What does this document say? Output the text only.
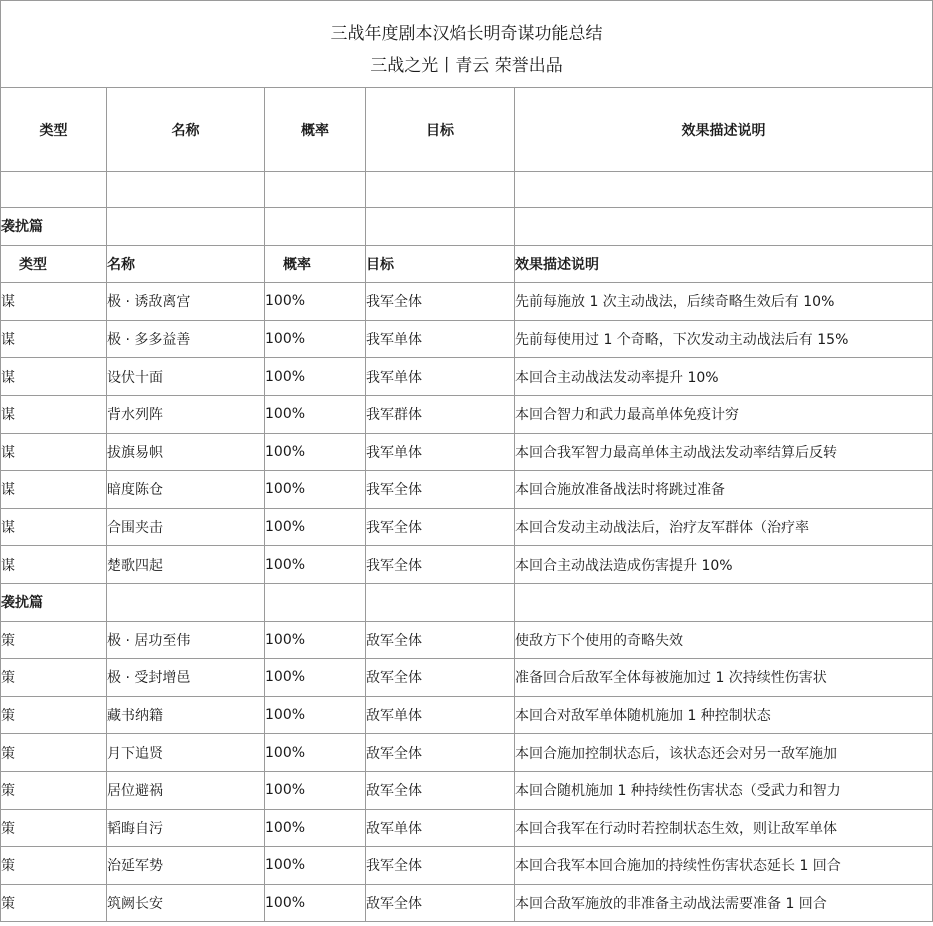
三战年度剧本汉焰长明奇谋功能总结
三战之光丨青云 荣誉出品
类型	名称	概率	目标	效果描述说明

袭扰篇				
类型	名称	概率	目标	效果描述说明
谋	极 · 诱敌离宫	100%	我军全体	先前每施放 1 次主动战法，后续奇略生效后有 10%
谋	极 · 多多益善	100%	我军单体	先前每使用过 1 个奇略，下次发动主动战法后有 15%
谋	设伏十面	100%	我军单体	本回合主动战法发动率提升 10%
谋	背水列阵	100%	我军群体	本回合智力和武力最高单体免疫计穷
谋	拔旗易帜	100%	我军单体	本回合我军智力最高单体主动战法发动率结算后反转
谋	暗度陈仓	100%	我军全体	本回合施放准备战法时将跳过准备
谋	合围夹击	100%	我军全体	本回合发动主动战法后，治疗友军群体（治疗率
谋	楚歌四起	100%	我军全体	本回合主动战法造成伤害提升 10%
袭扰篇				
策	极 · 居功至伟	100%	敌军全体	使敌方下个使用的奇略失效
策	极 · 受封增邑	100%	敌军全体	准备回合后敌军全体每被施加过 1 次持续性伤害状
策	藏书纳籍	100%	敌军单体	本回合对敌军单体随机施加 1 种控制状态
策	月下追贤	100%	敌军全体	本回合施加控制状态后，该状态还会对另一敌军施加
策	居位避祸	100%	敌军全体	本回合随机施加 1 种持续性伤害状态（受武力和智力
策	韬晦自污	100%	敌军单体	本回合我军在行动时若控制状态生效，则让敌军单体
策	治延军势	100%	我军全体	本回合我军本回合施加的持续性伤害状态延长 1 回合
策	筑阙长安	100%	敌军全体	本回合敌军施放的非准备主动战法需要准备 1 回合
